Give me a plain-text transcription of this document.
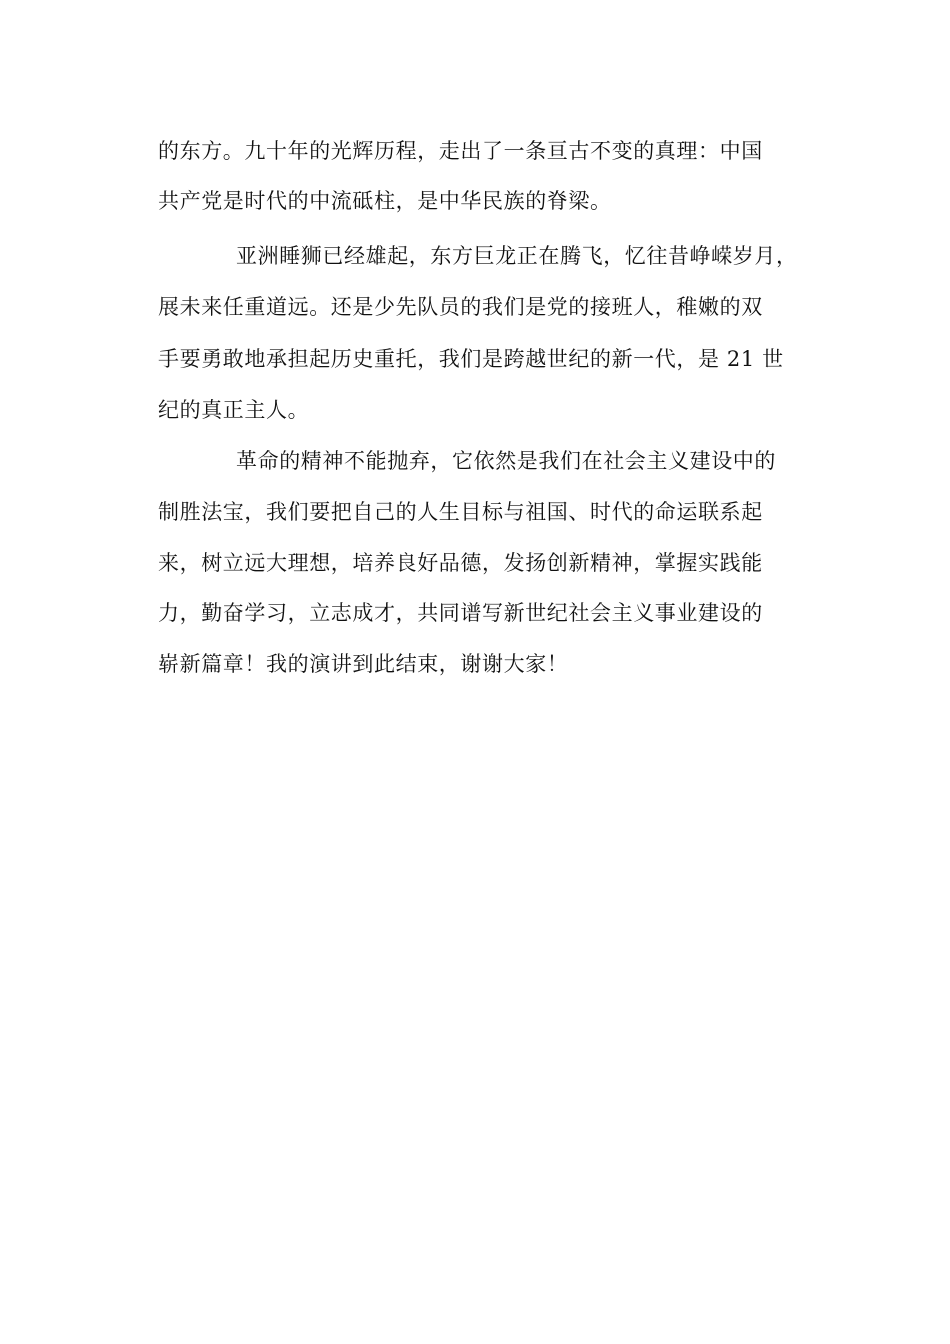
的东方。九十年的光辉历程，走出了一条亘古不变的真理：中国
共产党是时代的中流砥柱，是中华民族的脊梁。
亚洲睡狮已经雄起，东方巨龙正在腾飞，忆往昔峥嵘岁月，
展未来任重道远。还是少先队员的我们是党的接班人，稚嫩的双
手要勇敢地承担起历史重托，我们是跨越世纪的新一代，是 21 世
纪的真正主人。
革命的精神不能抛弃，它依然是我们在社会主义建设中的
制胜法宝，我们要把自己的人生目标与祖国、时代的命运联系起
来，树立远大理想，培养良好品德，发扬创新精神，掌握实践能
力，勤奋学习，立志成才，共同谱写新世纪社会主义事业建设的
崭新篇章！我的演讲到此结束，谢谢大家！
